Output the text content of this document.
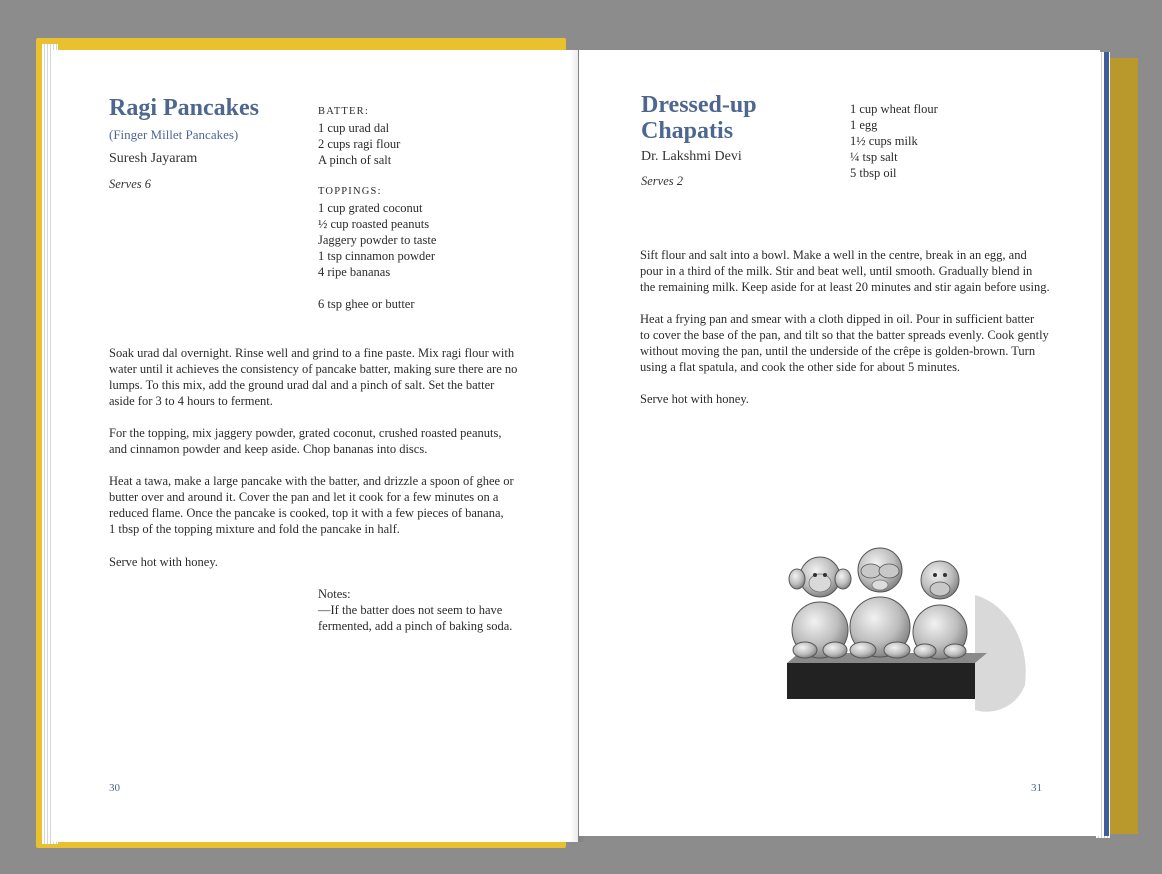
Ragi Pancakes
(Finger Millet Pancakes)
Suresh Jayaram
Serves 6
BATTER:
1 cup urad dal
2 cups ragi flour
A pinch of salt
TOPPINGS:
1 cup grated coconut
½ cup roasted peanuts
Jaggery powder to taste
1 tsp cinnamon powder
4 ripe bananas
6 tsp ghee or butter
Soak urad dal overnight. Rinse well and grind to a fine paste. Mix ragi flour with
water until it achieves the consistency of pancake batter, making sure there are no
lumps. To this mix, add the ground urad dal and a pinch of salt. Set the batter
aside for 3 to 4 hours to ferment.
For the topping, mix jaggery powder, grated coconut, crushed roasted peanuts,
and cinnamon powder and keep aside. Chop bananas into discs.
Heat a tawa, make a large pancake with the batter, and drizzle a spoon of ghee or
butter over and around it. Cover the pan and let it cook for a few minutes on a
reduced flame. Once the pancake is cooked, top it with a few pieces of banana,
1 tbsp of the topping mixture and fold the pancake in half.
Serve hot with honey.
Notes:
—If the batter does not seem to have
fermented, add a pinch of baking soda.
30
Dressed-up
Chapatis
Dr. Lakshmi Devi
Serves 2
1 cup wheat flour
1 egg
1½ cups milk
¼ tsp salt
5 tbsp oil
Sift flour and salt into a bowl. Make a well in the centre, break in an egg, and
pour in a third of the milk. Stir and beat well, until smooth. Gradually blend in
the remaining milk. Keep aside for at least 20 minutes and stir again before using.
Heat a frying pan and smear with a cloth dipped in oil. Pour in sufficient batter
to cover the base of the pan, and tilt so that the batter spreads evenly. Cook gently
without moving the pan, until the underside of the crêpe is golden-brown. Turn
using a flat spatula, and cook the other side for about 5 minutes.
Serve hot with honey.
31
